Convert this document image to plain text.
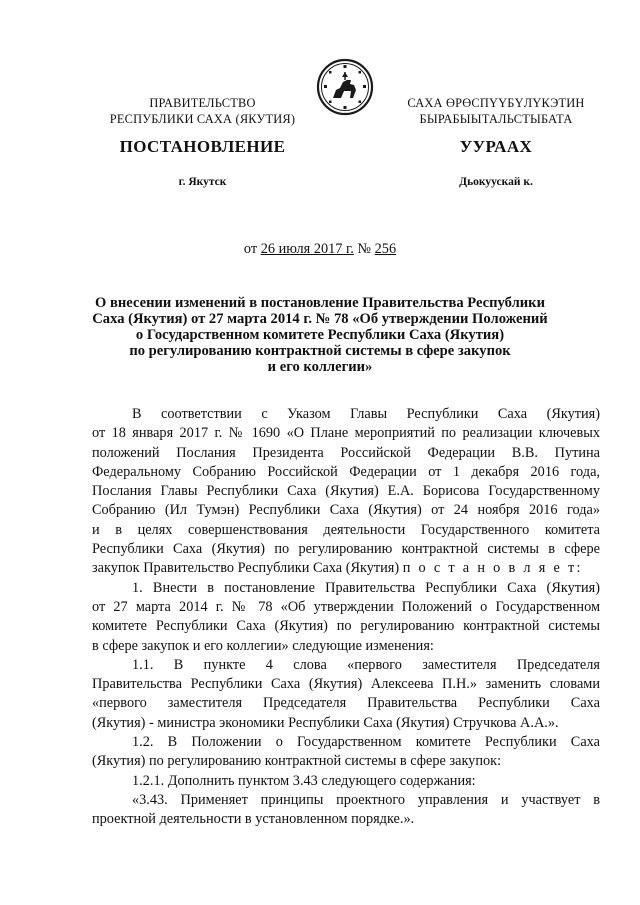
ПРАВИТЕЛЬСТВО
РЕСПУБЛИКИ САХА (ЯКУТИЯ)
САХА ӨРӨСПҮҮБҮЛҮКЭТИН
БЫРАБЫЫТАЛЬСТЫБАТА
ПОСТАНОВЛЕНИЕ	УУРААХ
г. Якутск	Дьокуускай к.
от 26 июля 2017 г. № 256
О внесении изменений в постановление Правительства Республики
Саха (Якутия) от 27 марта 2014 г. № 78 «Об утверждении Положений
о Государственном комитете Республики Саха (Якутия)
по регулированию контрактной системы в сфере закупок
и его коллегии»

В соответствии с Указом Главы Республики Саха (Якутия)

от 18 января 2017 г. № 1690 «О Плане мероприятий по реализации ключевых

положений Послания Президента Российской Федерации В.В. Путина

Федеральному Собранию Российской Федерации от 1 декабря 2016 года,

Послания Главы Республики Саха (Якутия) Е.А. Борисова Государственному

Собранию (Ил Тумэн) Республики Саха (Якутия) от 24 ноября 2016 года»

и в целях совершенствования деятельности Государственного комитета

Республики Саха (Якутия) по регулированию контрактной системы в сфере

закупок Правительство Республики Саха (Якутия) п о с т а н о в л я е т:

1. Внести в постановление Правительства Республики Саха (Якутия)

от 27 марта 2014 г. № 78 «Об утверждении Положений о Государственном

комитете Республики Саха (Якутия) по регулированию контрактной системы

в сфере закупок и его коллегии» следующие изменения:

1.1. В пункте 4 слова «первого заместителя Председателя

Правительства Республики Саха (Якутия) Алексеева П.Н.» заменить словами

«первого заместителя Председателя Правительства Республики Саха

(Якутия) - министра экономики Республики Саха (Якутия) Стручкова А.А.».

1.2. В Положении о Государственном комитете Республики Саха

(Якутия) по регулированию контрактной системы в сфере закупок:

1.2.1. Дополнить пунктом 3.43 следующего содержания:

«3.43. Применяет принципы проектного управления и участвует в

проектной деятельности в установленном порядке.».
